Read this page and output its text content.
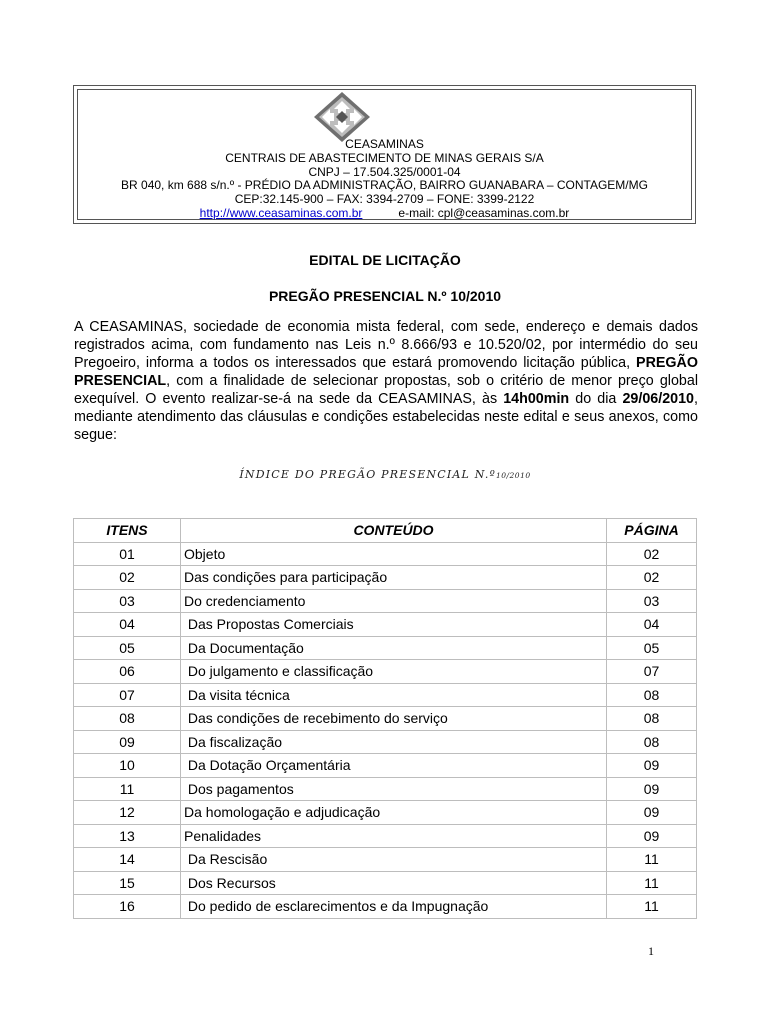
CEASAMINAS
CENTRAIS DE ABASTECIMENTO DE MINAS GERAIS S/A
CNPJ – 17.504.325/0001-04
BR 040, km 688 s/n.º - PRÉDIO DA ADMINISTRAÇÃO, BAIRRO GUANABARA – CONTAGEM/MG
CEP:32.145-900 – FAX: 3394-2709 – FONE: 3399-2122
http://www.ceasaminas.com.br	e-mail: cpl@ceasaminas.com.br
EDITAL DE LICITAÇÃO
PREGÃO PRESENCIAL N.º 10/2010
A CEASAMINAS, sociedade de economia mista federal, com sede, endereço e demais dados registrados acima, com fundamento nas Leis n.º 8.666/93 e 10.520/02, por intermédio do seu Pregoeiro, informa a todos os interessados que estará promovendo licitação pública, PREGÃO PRESENCIAL, com a finalidade de selecionar propostas, sob o critério de menor preço global exequível. O evento realizar-se-á na sede da CEASAMINAS, às 14h00min do dia 29/06/2010, mediante atendimento das cláusulas e condições estabelecidas neste edital e seus anexos, como segue:
ÍNDICE DO PREGÃO PRESENCIAL N.º10/2010
ITENS	CONTEÚDO	PÁGINA
01	Objeto	02
02	Das condições para participação	02
03	Do credenciamento	03
04	Das Propostas Comerciais	04
05	Da Documentação	05
06	Do julgamento e classificação	07
07	Da visita técnica	08
08	Das condições de recebimento do serviço	08
09	Da fiscalização	08
10	Da Dotação Orçamentária	09
11	Dos pagamentos	09
12	Da homologação e adjudicação	09
13	Penalidades	09
14	Da Rescisão	11
15	Dos Recursos	11
16	Do pedido de esclarecimentos e da Impugnação	11
1
